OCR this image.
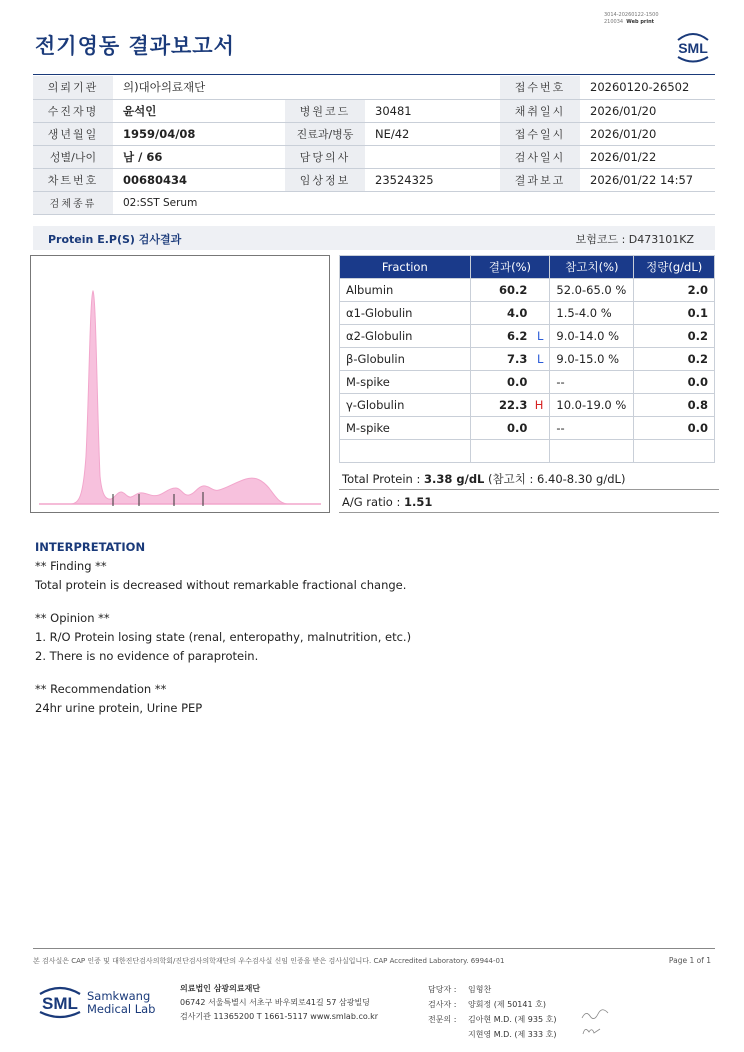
전기영동 결과보고서
3014-20260122-1500
210034 Web print
SML
의뢰기관	의)대아의료재단			접수번호	20260120-26502
수진자명	윤석인	병원코드	30481	채취일시	2026/01/20
생년월일	1959/04/08	진료과/병동	NE/42	접수일시	2026/01/20
성별/나이	남 / 66	담당의사		검사일시	2026/01/22
차트번호	00680434	임상정보	23524325	결과보고	2026/01/22 14:57
검체종류	02:SST Serum				
Protein E.P(S) 검사결과	보험코드 : D473101KZ
Fraction	결과(%)	참고치(%)	정량(g/dL)
Albumin	60.2	52.0-65.0 %	2.0
α1-Globulin	4.0	1.5-4.0 %	0.1
α2-Globulin	6.2 L	9.0-14.0 %	0.2
β-Globulin	7.3 L	9.0-15.0 %	0.2
M-spike	0.0	--	0.0
γ-Globulin	22.3 H	10.0-19.0 %	0.8
M-spike	0.0	--	0.0

Total Protein : 3.38 g/dL (참고치 : 6.40-8.30 g/dL)
A/G ratio : 1.51
INTERPRETATION
** Finding **
Total protein is decreased without remarkable fractional change.
** Opinion **
1. R/O Protein losing state (renal, enteropathy, malnutrition, etc.)
2. There is no evidence of paraprotein.
** Recommendation **
24hr urine protein, Urine PEP
본 검사실은 CAP 인증 및 대한진단검사의학회/진단검사의학재단의 우수검사실 신임 인증을 받은 검사실입니다. CAP Accredited Laboratory. 69944-01	Page 1 of 1
SML Samkwang
Medical Lab
의료법인 삼광의료재단
06742 서울특별시 서초구 바우뫼로41길 57 삼광빌딩
검사기관 11365200 T 1661-5117 www.smlab.co.kr
담당자 : 임형찬
검사자 : 양회정 (제 50141 호)
전문의 : 김아현 M.D. (제 935 호)
지현영 M.D. (제 333 호)
